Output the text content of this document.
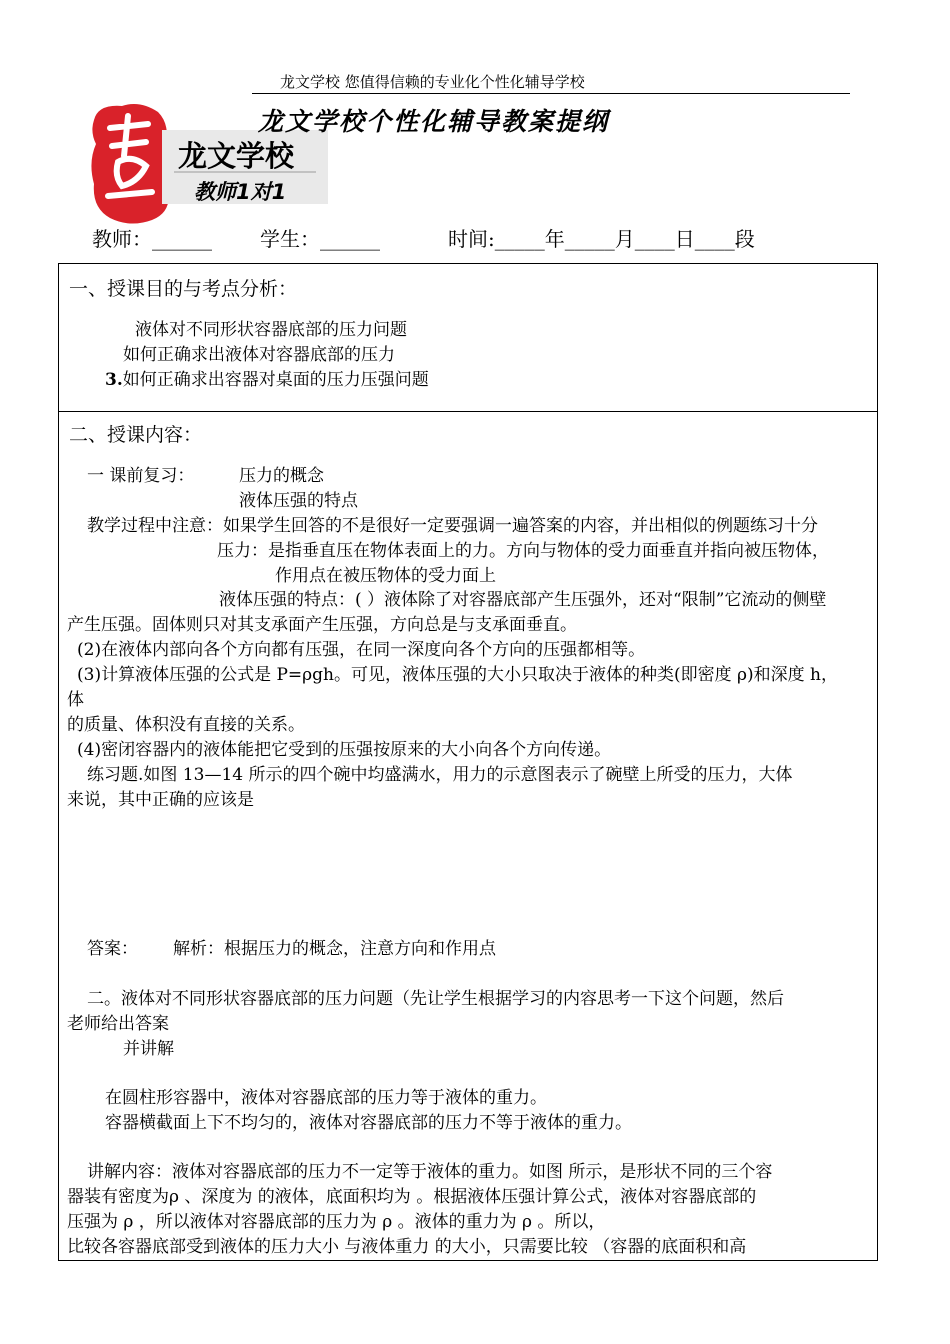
龙文学校 您值得信赖的专业化个性化辅导学校
龙文学校
教师1对1
龙文学校个性化辅导教案提纲
教师：______ 学生：______	时间:_____年_____月____日____段
一、授课目的与考点分析：
液体对不同形状容器底部的压力问题
如何正确求出液体对容器底部的压力
3.如何正确求出容器对桌面的压力压强问题
二、授课内容：
一 课前复习：	压力的概念
液体压强的特点
教学过程中注意：如果学生回答的不是很好一定要强调一遍答案的内容，并出相似的例题练习十分
压力：是指垂直压在物体表面上的力。方向与物体的受力面垂直并指向被压物体，
作用点在被压物体的受力面上
液体压强的特点：( ）液体除了对容器底部产生压强外，还对“限制”它流动的侧壁
产生压强。固体则只对其支承面产生压强，方向总是与支承面垂直。
(2)在液体内部向各个方向都有压强，在同一深度向各个方向的压强都相等。
(3)计算液体压强的公式是 P=ρgh。可见，液体压强的大小只取决于液体的种类(即密度 ρ)和深度 h，
体
的质量、体积没有直接的关系。
(4)密闭容器内的液体能把它受到的压强按原来的大小向各个方向传递。
练习题.如图 13—14 所示的四个碗中均盛满水，用力的示意图表示了碗壁上所受的压力，大体
来说，其中正确的应该是
答案： 解析：根据压力的概念，注意方向和作用点
二。液体对不同形状容器底部的压力问题（先让学生根据学习的内容思考一下这个问题，然后
老师给出答案
并讲解
在圆柱形容器中，液体对容器底部的压力等于液体的重力。
容器横截面上下不均匀的，液体对容器底部的压力不等于液体的重力。
讲解内容：液体对容器底部的压力不一定等于液体的重力。如图 所示，是形状不同的三个容
器装有密度为ρ 、深度为 的液体，底面积均为 。根据液体压强计算公式，液体对容器底部的
压强为 ρ ，所以液体对容器底部的压力为 ρ 。液体的重力为 ρ 。所以，
比较各容器底部受到液体的压力大小 与液体重力 的大小，只需要比较 （容器的底面积和高
